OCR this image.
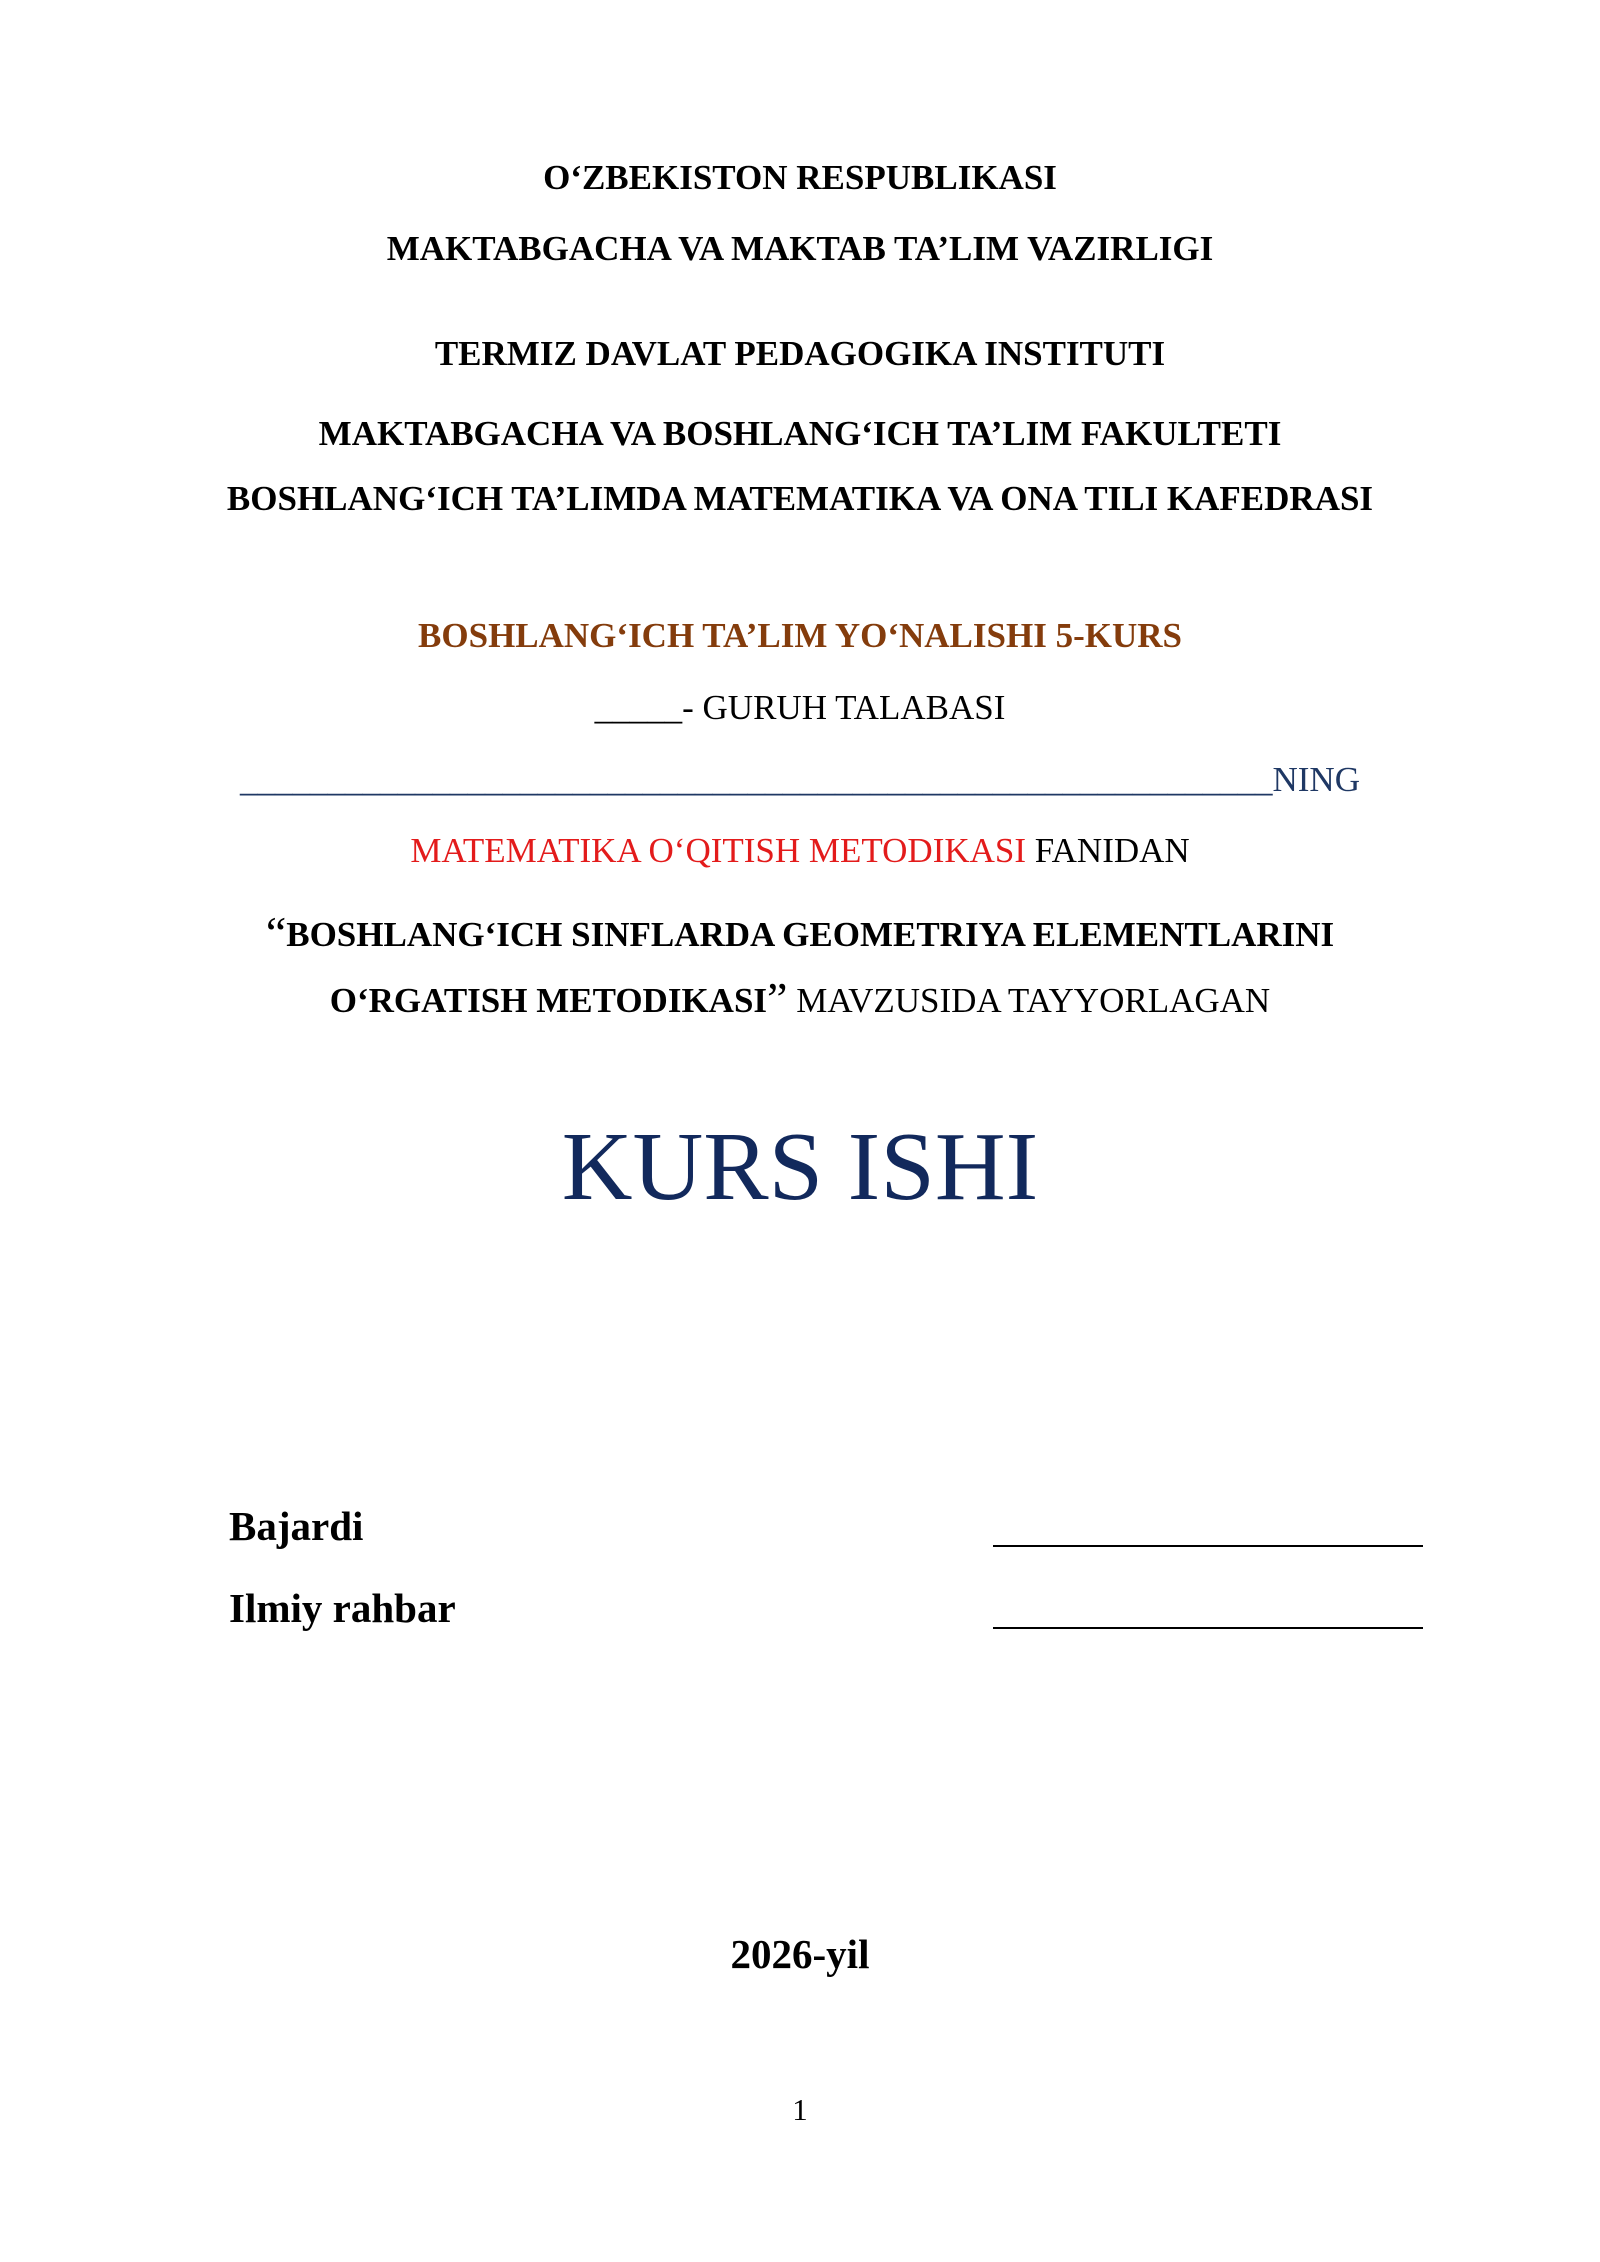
O‘ZBEKISTON RESPUBLIKASI
MAKTABGACHA VA MAKTAB TA’LIM VAZIRLIGI
TERMIZ DAVLAT PEDAGOGIKA INSTITUTI
MAKTABGACHA VA BOSHLANG‘ICH TA’LIM FAKULTETI
BOSHLANG‘ICH TA’LIMDA MATEMATIKA VA ONA TILI KAFEDRASI
BOSHLANG‘ICH TA’LIM YO‘NALISHI 5-KURS
_____- GURUH TALABASI
___________________________________________________________NING
MATEMATIKA O‘QITISH METODIKASI FANIDAN
“BOSHLANG‘ICH SINFLARDA GEOMETRIYA ELEMENTLARINI
O‘RGATISH METODIKASI” MAVZUSIDA TAYYORLAGAN
KURS ISHI
Bajardi
Ilmiy rahbar
2026-yil
1
